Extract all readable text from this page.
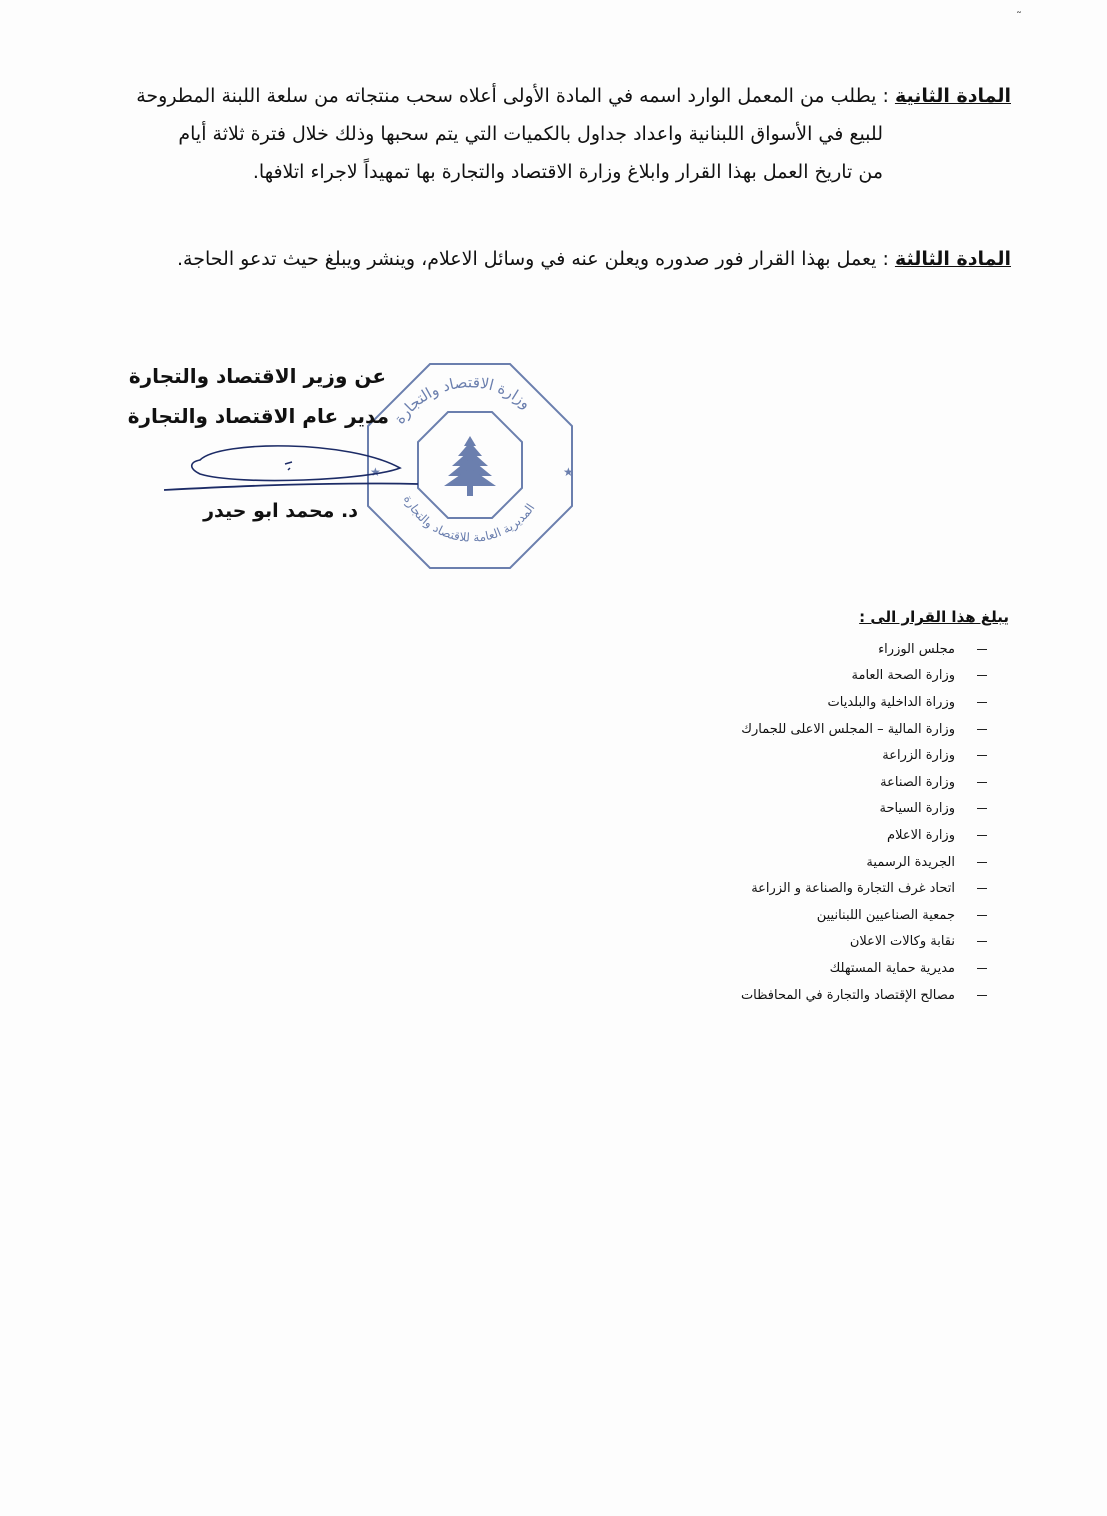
˜
المادة الثانية : يطلب من المعمل الوارد اسمه في المادة الأولى أعلاه سحب منتجاته من سلعة اللبنة المطروحة
للبيع في الأسواق اللبنانية واعداد جداول بالكميات التي يتم سحبها وذلك خلال فترة ثلاثة أيام
من تاريخ العمل بهذا القرار وابلاغ وزارة الاقتصاد والتجارة بها تمهيداً لاجراء اتلافها.
المادة الثالثة : يعمل بهذا القرار فور صدوره ويعلن عنه في وسائل الاعلام، وينشر ويبلغ حيث تدعو الحاجة.
وزارة الاقتصاد والتجارة
المديرية العامة للاقتصاد والتجارة
★
★
عن وزير الاقتصاد والتجارة
مدير عام الاقتصاد والتجارة
د. محمد ابو حيدر
يبلغ هذا القرار الى :
مجلس الوزراء
وزارة الصحة العامة
وزراة الداخلية والبلديات
وزارة المالية – المجلس الاعلى للجمارك
وزارة الزراعة
وزارة الصناعة
وزارة السياحة
وزارة الاعلام
الجريدة الرسمية
اتحاد غرف التجارة والصناعة و الزراعة
جمعية الصناعيين اللبنانيين
نقابة وكالات الاعلان
مديرية حماية المستهلك
مصالح الإقتصاد والتجارة في المحافظات
